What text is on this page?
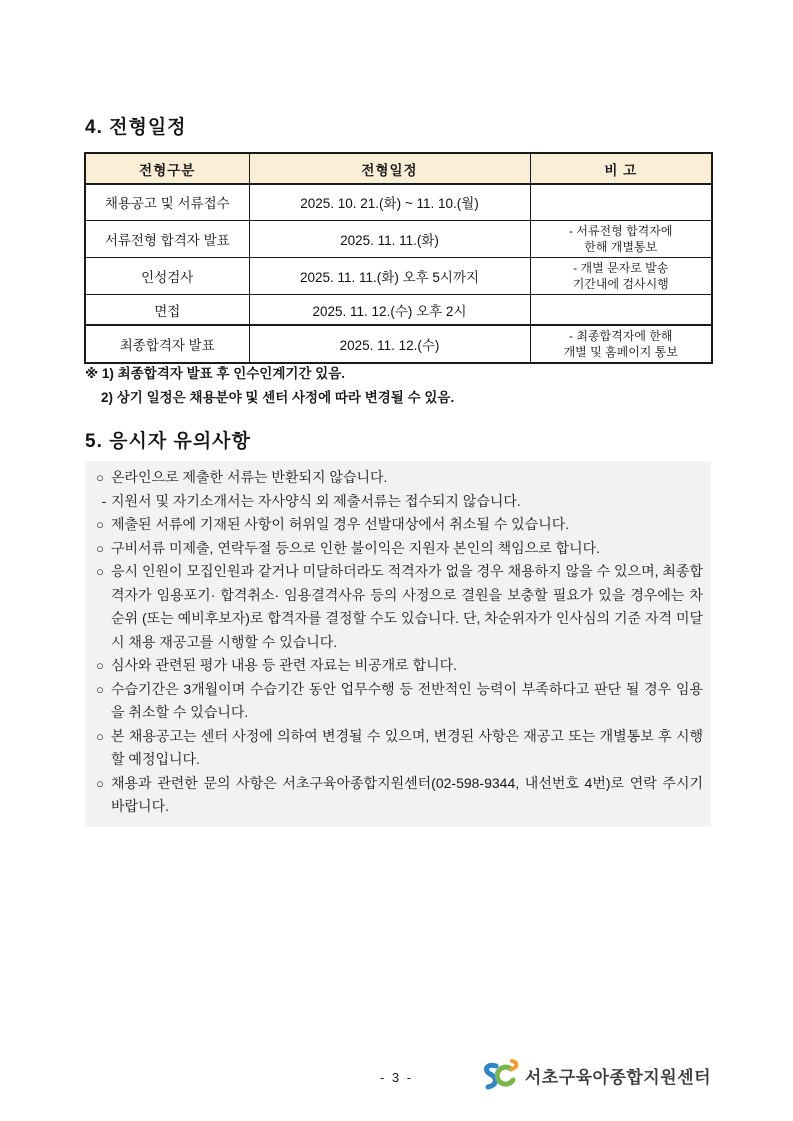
4. 전형일정
전형구분	전형일정	비 고
채용공고 및 서류접수	2025. 10. 21.(화) ~ 11. 10.(월)	
서류전형 합격자 발표	2025. 11. 11.(화)	- 서류전형 합격자에
한해 개별통보
인성검사	2025. 11. 11.(화) 오후 5시까지	- 개별 문자로 발송
기간내에 검사시행
면접	2025. 11. 12.(수) 오후 2시	
최종합격자 발표	2025. 11. 12.(수)	- 최종합격자에 한해
개별 및 홈페이지 통보
※ 1) 최종합격자 발표 후 인수인계기간 있음.
2) 상기 일정은 채용분야 및 센터 사정에 따라 변경될 수 있음.
5. 응시자 유의사항
○ 온라인으로 제출한 서류는 반환되지 않습니다.
- 지원서 및 자기소개서는 자사양식 외 제출서류는 접수되지 않습니다.
○ 제출된 서류에 기재된 사항이 허위일 경우 선발대상에서 취소될 수 있습니다.
○ 구비서류 미제출, 연락두절 등으로 인한 불이익은 지원자 본인의 책임으로 합니다.
○ 응시 인원이 모집인원과 같거나 미달하더라도 적격자가 없을 경우 채용하지 않을 수 있으며, 최종합격자가 임용포기· 합격취소· 임용결격사유 등의 사정으로 결원을 보충할 필요가 있을 경우에는 차순위 (또는 예비후보자)로 합격자를 결정할 수도 있습니다. 단, 차순위자가 인사심의 기준 자격 미달 시 채용 재공고를 시행할 수 있습니다.
○ 심사와 관련된 평가 내용 등 관련 자료는 비공개로 합니다.
○ 수습기간은 3개월이며 수습기간 동안 업무수행 등 전반적인 능력이 부족하다고 판단 될 경우 임용을 취소할 수 있습니다.
○ 본 채용공고는 센터 사정에 의하여 변경될 수 있으며, 변경된 사항은 재공고 또는 개별통보 후 시행할 예정입니다.
○ 채용과 관련한 문의 사항은 서초구육아종합지원센터(02-598-9344, 내선번호 4번)로 연락 주시기 바랍니다.
- 3 -	서초구육아종합지원센터
